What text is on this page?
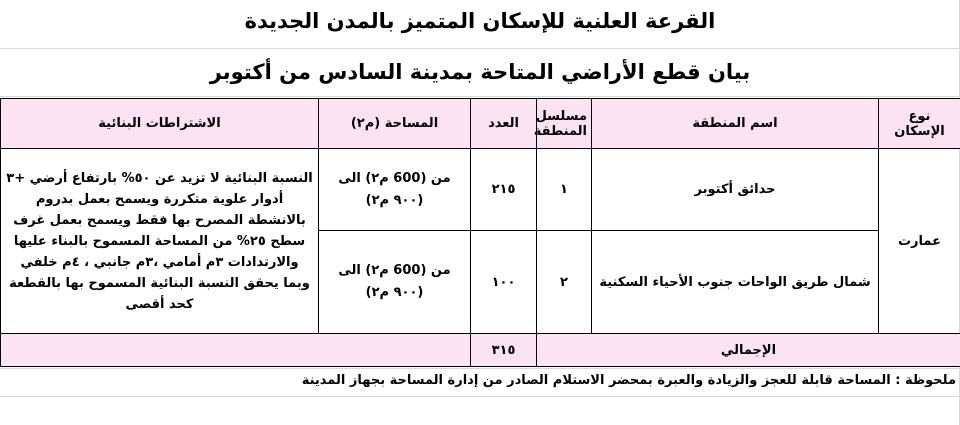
القرعة العلنية للإسكان المتميز بالمدن الجديدة
بيان قطع الأراضي المتاحة بمدينة السادس من أكتوبر
نوع الإسكان	اسم المنطقة	مسلسل المنطقة	العدد	المساحة (م٢)	الاشتراطات البنائية
عمارت	حدائق أكتوبر	١	٢١٥	من (600 م٢) الى (٩٠٠ م٢)	النسبة البنائية لا تزيد عن ٥٠% بارتفاع أرضي +٣ أدوار علوية متكررة ويسمح بعمل بدروم بالانشطة المصرح بها فقط ويسمح بعمل غرف سطح ٢٥% من المساحة المسموح بالبناء عليها والارتدادات ٣م أمامي ،٣م جانبي ، ٤م خلفي وبما يحقق النسبة البنائية المسموح بها بالقطعة كحد أقصى
	شمال طريق الواحات جنوب الأحياء السكنية	٢	١٠٠	من (600 م٢) الى (٩٠٠ م٢)	
الإجمالي			٣١٥		
ملحوظة : المساحة قابلة للعجز والزيادة والعبرة بمحضر الاستلام الصادر من إدارة المساحة بجهاز المدينة
